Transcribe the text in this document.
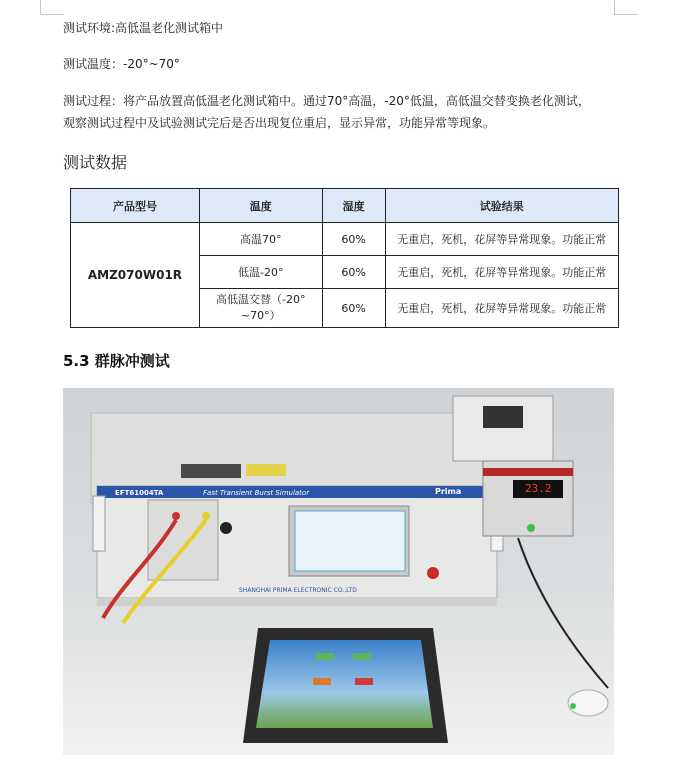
测试环境:高低温老化测试箱中
测试温度：-20°~70°
测试过程：将产品放置高低温老化测试箱中。通过70°高温，-20°低温，高低温交替变换老化测试，
观察测试过程中及试验测试完后是否出现复位重启，显示异常，功能异常等现象。
测试数据
产品型号	温度	湿度	试验结果
AMZ070W01R	高温70°	60%	无重启，死机，花屏等异常现象。功能正常
	低温-20°	60%	无重启，死机，花屏等异常现象。功能正常
	高低温交替（-20°
~70°）	60%	无重启，死机，花屏等异常现象。功能正常
5.3 群脉冲测试
EFT61004TA	Fast Transient Burst Simulator	Prima
SHANGHAI PRIMA ELECTRONIC CO.,LTD
23.2
